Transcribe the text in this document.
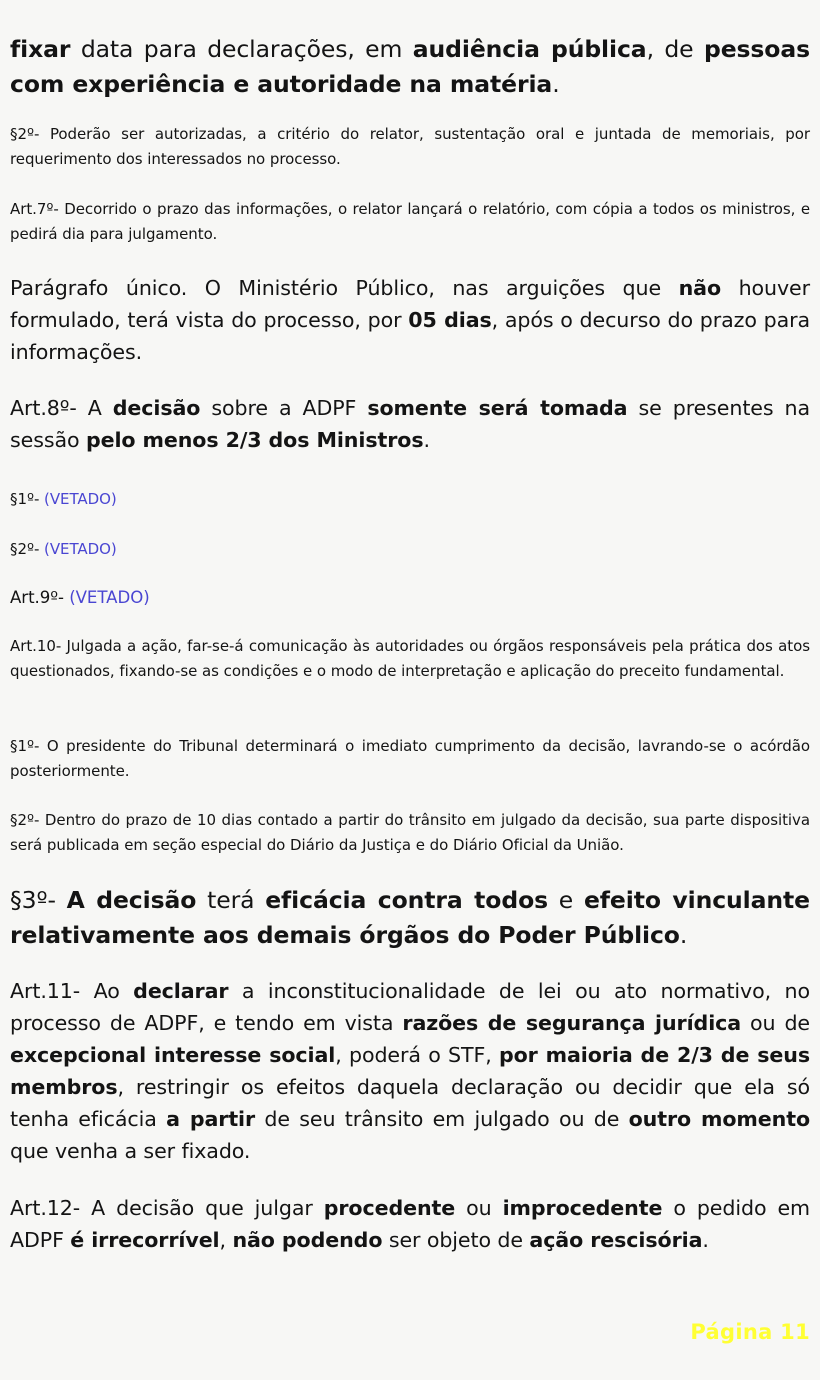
fixar data para declarações, em audiência pública, de pessoas com experiência e autoridade na matéria.

§2º- Poderão ser autorizadas, a critério do relator, sustentação oral e juntada de memoriais, por requerimento dos interessados no processo.

Art.7º- Decorrido o prazo das informações, o relator lançará o relatório, com cópia a todos os ministros, e pedirá dia para julgamento.

Parágrafo único. O Ministério Público, nas arguições que não houver formulado, terá vista do processo, por 05 dias, após o decurso do prazo para informações.

Art.8º- A decisão sobre a ADPF somente será tomada se presentes na sessão pelo menos 2/3 dos Ministros.

§1º- (VETADO)

§2º- (VETADO)

Art.9º- (VETADO)

Art.10- Julgada a ação, far-se-á comunicação às autoridades ou órgãos responsáveis pela prática dos atos questionados, fixando-se as condições e o modo de interpretação e aplicação do preceito fundamental.

§1º- O presidente do Tribunal determinará o imediato cumprimento da decisão, lavrando-se o acórdão posteriormente.

§2º- Dentro do prazo de 10 dias contado a partir do trânsito em julgado da decisão, sua parte dispositiva será publicada em seção especial do Diário da Justiça e do Diário Oficial da União.

§3º- A decisão terá eficácia contra todos e efeito vinculante relativamente aos demais órgãos do Poder Público.

Art.11- Ao declarar a inconstitucionalidade de lei ou ato normativo, no processo de ADPF, e tendo em vista razões de segurança jurídica ou de excepcional interesse social, poderá o STF, por maioria de 2/3 de seus membros, restringir os efeitos daquela declaração ou decidir que ela só tenha eficácia a partir de seu trânsito em julgado ou de outro momento que venha a ser fixado.

Art.12- A decisão que julgar procedente ou improcedente o pedido em ADPF é irrecorrível, não podendo ser objeto de ação rescisória.

Página 11
